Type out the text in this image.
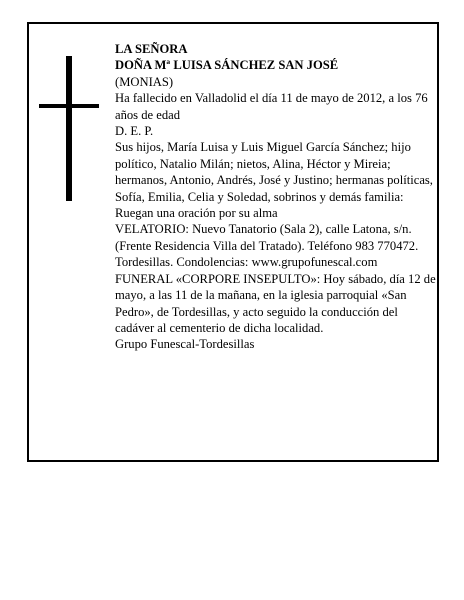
LA SEÑORA

DOÑA Mª LUISA SÁNCHEZ SAN JOSÉ

(MONIAS)

Ha fallecido en Valladolid el día 11 de mayo de 2012, a los 76 años de edad

D. E. P.

Sus hijos, María Luisa y Luis Miguel García Sánchez; hijo político, Natalio Milán; nietos, Alina, Héctor y Mireia; hermanos, Antonio, Andrés, José y Justino; hermanas políticas, Sofía, Emilia, Celia y Soledad, sobrinos y demás familia:

Ruegan una oración por su alma

VELATORIO: Nuevo Tanatorio (Sala 2), calle Latona, s/n. (Frente Residencia Villa del Tratado). Teléfono 983 770472. Tordesillas. Condolencias: www.grupofunescal.com

FUNERAL «CORPORE INSEPULTO»: Hoy sábado, día 12 de mayo, a las 11 de la mañana, en la iglesia parroquial «San Pedro», de Tordesillas, y acto seguido la conducción del cadáver al cementerio de dicha localidad.

Grupo Funescal-Tordesillas
